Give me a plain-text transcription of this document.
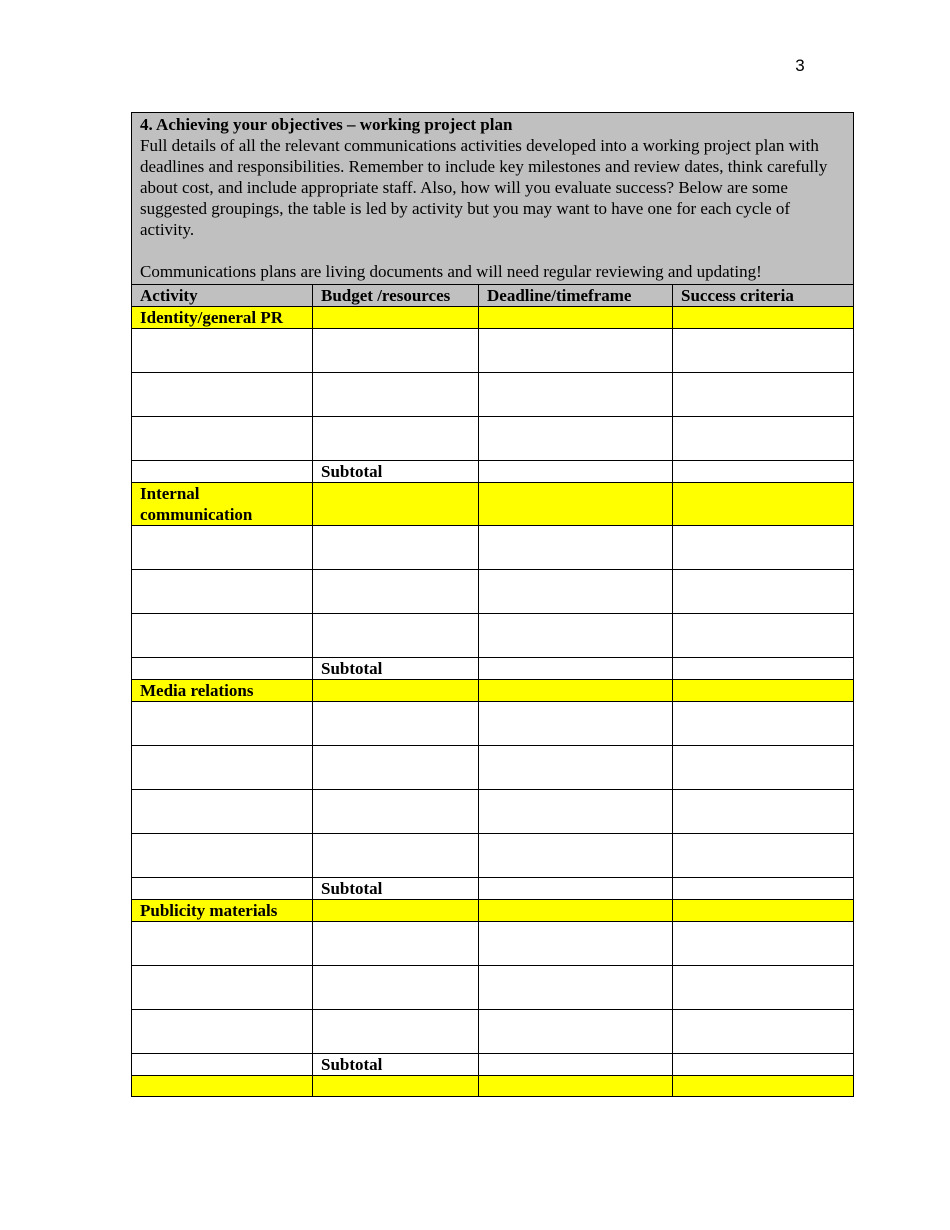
3

4. Achieving your objectives – working project plan

Full details of all the relevant communications activities developed into a working project plan with deadlines and responsibilities. Remember to include key milestones and review dates, think carefully about cost, and include appropriate staff. Also, how will you evaluate success? Below are some suggested groupings, the table is led by activity but you may want to have one for each cycle of activity.

Communications plans are living documents and will need regular reviewing and updating!			

Activity	Budget /resources	Deadline/timeframe	Success criteria
Identity/general PR			

	Subtotal		
Internal communication			

	Subtotal		
Media relations			

	Subtotal		
Publicity materials			

	Subtotal		
